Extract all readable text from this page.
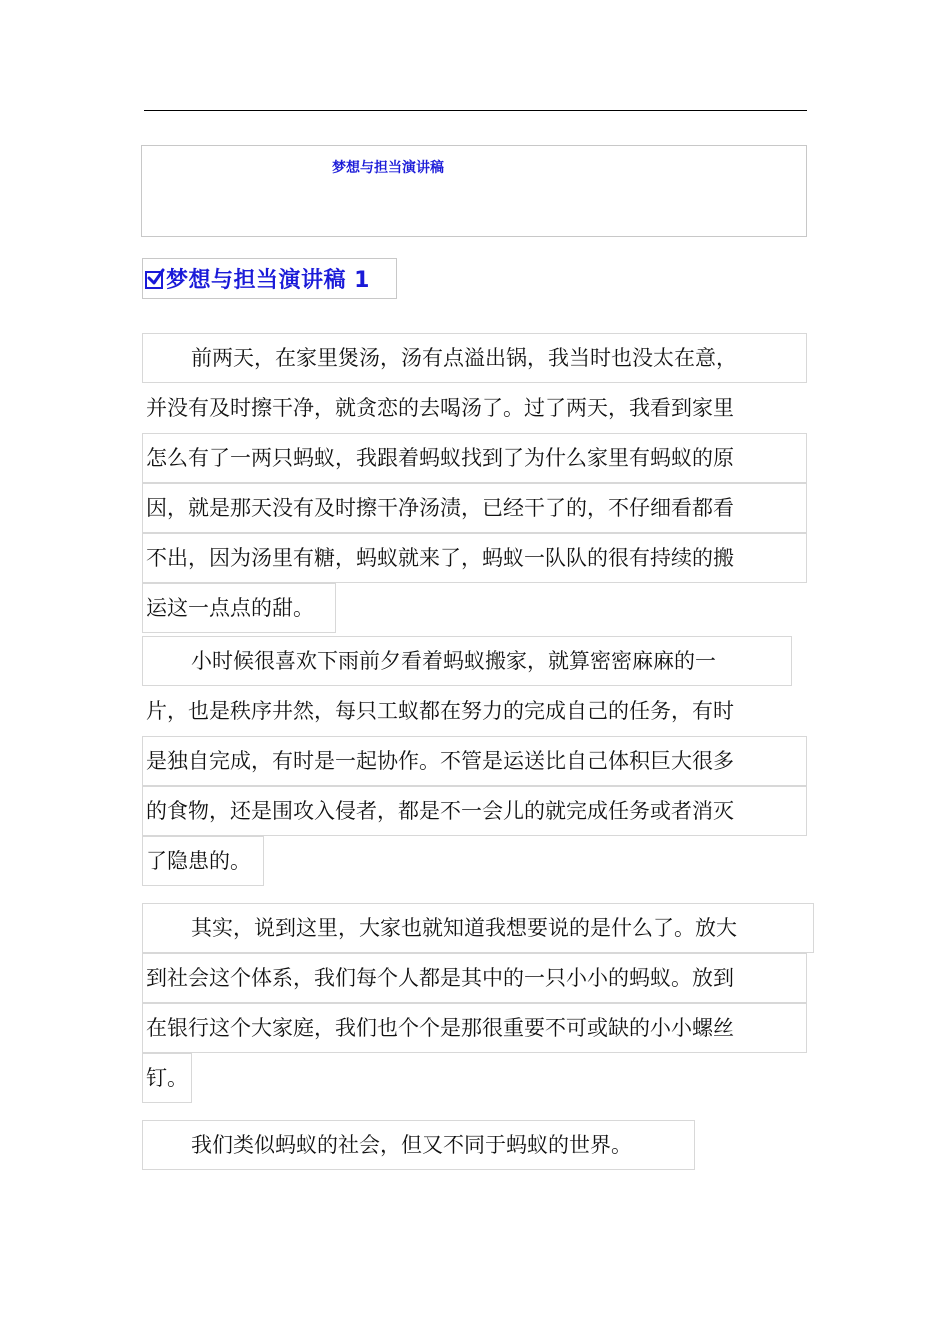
梦想与担当演讲稿
梦想与担当演讲稿 1
前两天，在家里煲汤，汤有点溢出锅，我当时也没太在意，
并没有及时擦干净，就贪恋的去喝汤了。过了两天，我看到家里
怎么有了一两只蚂蚁，我跟着蚂蚁找到了为什么家里有蚂蚁的原
因，就是那天没有及时擦干净汤渍，已经干了的，不仔细看都看
不出，因为汤里有糖，蚂蚁就来了，蚂蚁一队队的很有持续的搬
运这一点点的甜。
小时候很喜欢下雨前夕看着蚂蚁搬家，就算密密麻麻的一
片，也是秩序井然，每只工蚁都在努力的完成自己的任务，有时
是独自完成，有时是一起协作。不管是运送比自己体积巨大很多
的食物，还是围攻入侵者，都是不一会儿的就完成任务或者消灭
了隐患的。
其实，说到这里，大家也就知道我想要说的是什么了。放大
到社会这个体系，我们每个人都是其中的一只小小的蚂蚁。放到
在银行这个大家庭，我们也个个是那很重要不可或缺的小小螺丝
钉。
我们类似蚂蚁的社会，但又不同于蚂蚁的世界。
